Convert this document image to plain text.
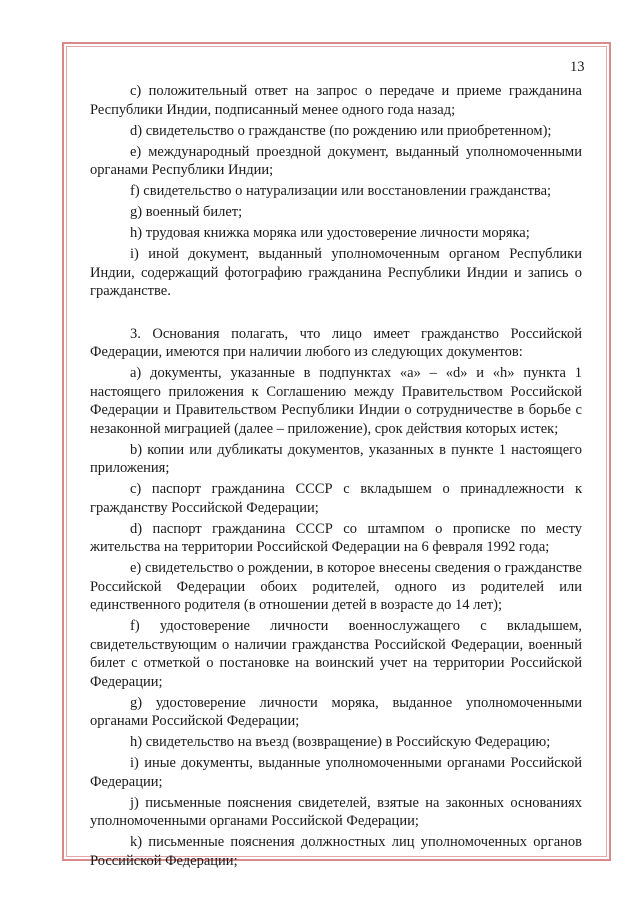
13

c) положительный ответ на запрос о передаче и приеме гражданина Республики Индии, подписанный менее одного года назад;

d) свидетельство о гражданстве (по рождению или приобретенном);

e) международный проездной документ, выданный уполномоченными органами Республики Индии;

f) свидетельство о натурализации или восстановлении гражданства;

g) военный билет;

h) трудовая книжка моряка или удостоверение личности моряка;

i) иной документ, выданный уполномоченным органом Республики Индии, содержащий фотографию гражданина Республики Индии и запись о гражданстве.

3. Основания полагать, что лицо имеет гражданство Российской Федерации, имеются при наличии любого из следующих документов:

a) документы, указанные в подпунктах «а» – «d» и «h» пункта 1 настоящего приложения к Соглашению между Правительством Российской Федерации и Правительством Республики Индии о сотрудничестве в борьбе с незаконной миграцией (далее – приложение), срок действия которых истек;

b) копии или дубликаты документов, указанных в пункте 1 настоящего приложения;

c) паспорт гражданина СССР с вкладышем о принадлежности к гражданству Российской Федерации;

d) паспорт гражданина СССР со штампом о прописке по месту жительства на территории Российской Федерации на 6 февраля 1992 года;

e) свидетельство о рождении, в которое внесены сведения о гражданстве Российской Федерации обоих родителей, одного из родителей или единственного родителя (в отношении детей в возрасте до 14 лет);

f) удостоверение личности военнослужащего с вкладышем, свидетельствующим о наличии гражданства Российской Федерации, военный билет с отметкой о постановке на воинский учет на территории Российской Федерации;

g) удостоверение личности моряка, выданное уполномоченными органами Российской Федерации;

h) свидетельство на въезд (возвращение) в Российскую Федерацию;

i) иные документы, выданные уполномоченными органами Российской Федерации;

j) письменные пояснения свидетелей, взятые на законных основаниях уполномоченными органами Российской Федерации;

k) письменные пояснения должностных лиц уполномоченных органов Российской Федерации;
